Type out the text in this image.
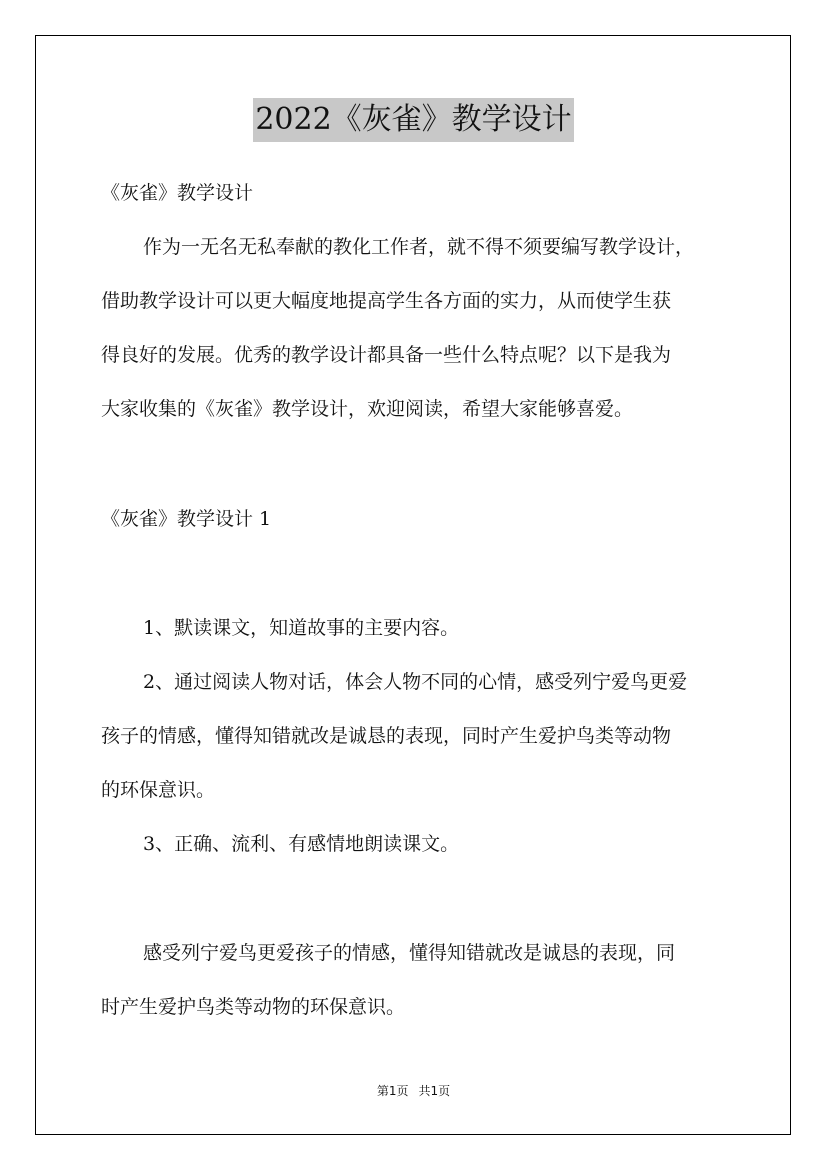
2022《灰雀》教学设计
《灰雀》教学设计
作为一无名无私奉献的教化工作者，就不得不须要编写教学设计，
借助教学设计可以更大幅度地提高学生各方面的实力，从而使学生获
得良好的发展。优秀的教学设计都具备一些什么特点呢？以下是我为
大家收集的《灰雀》教学设计，欢迎阅读，希望大家能够喜爱。
《灰雀》教学设计 1
1、默读课文，知道故事的主要内容。
2、通过阅读人物对话，体会人物不同的心情，感受列宁爱鸟更爱
孩子的情感，懂得知错就改是诚恳的表现，同时产生爱护鸟类等动物
的环保意识。
3、正确、流利、有感情地朗读课文。
感受列宁爱鸟更爱孩子的情感，懂得知错就改是诚恳的表现，同
时产生爱护鸟类等动物的环保意识。
第1页 共1页
